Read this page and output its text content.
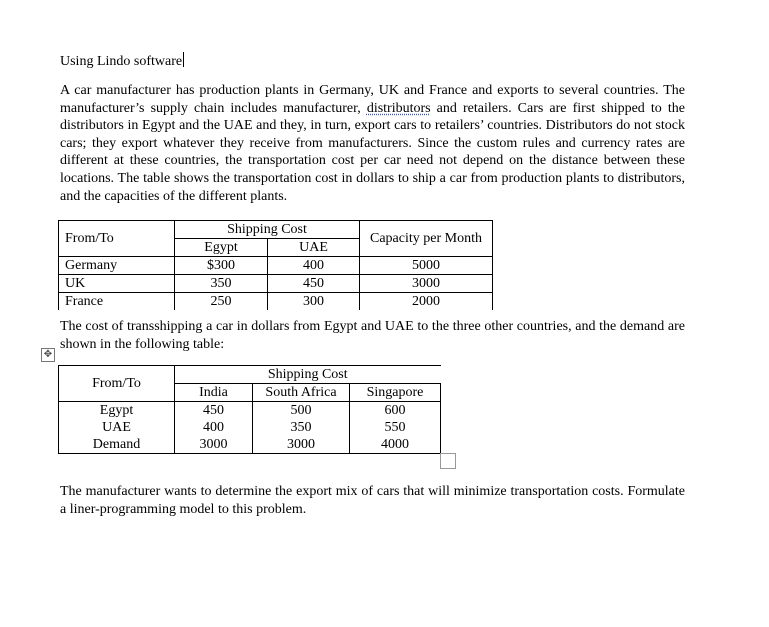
Using Lindo software
A car manufacturer has production plants in Germany, UK and France and exports to several countries. The manufacturer’s supply chain includes manufacturer, distributors and retailers. Cars are first shipped to the distributors in Egypt and the UAE and they, in turn, export cars to retailers’ countries. Distributors do not stock cars; they export whatever they receive from manufacturers. Since the custom rules and currency rates are different at these countries, the transportation cost per car need not depend on the distance between these locations. The table shows the transportation cost in dollars to ship a car from production plants to distributors, and the capacities of the different plants.
From/To	Shipping Cost		Capacity per Month
	Egypt	UAE	
Germany	$300	400	5000
UK	350	450	3000
France	250	300	2000
The cost of transshipping a car in dollars from Egypt and UAE to the three other countries, and the demand are shown in the following table:
✥
From/To	Shipping Cost		
	India	South Africa	Singapore
Egypt	450	500	600
UAE	400	350	550
Demand	3000	3000	4000
The manufacturer wants to determine the export mix of cars that will minimize transportation costs. Formulate a liner-programming model to this problem.
